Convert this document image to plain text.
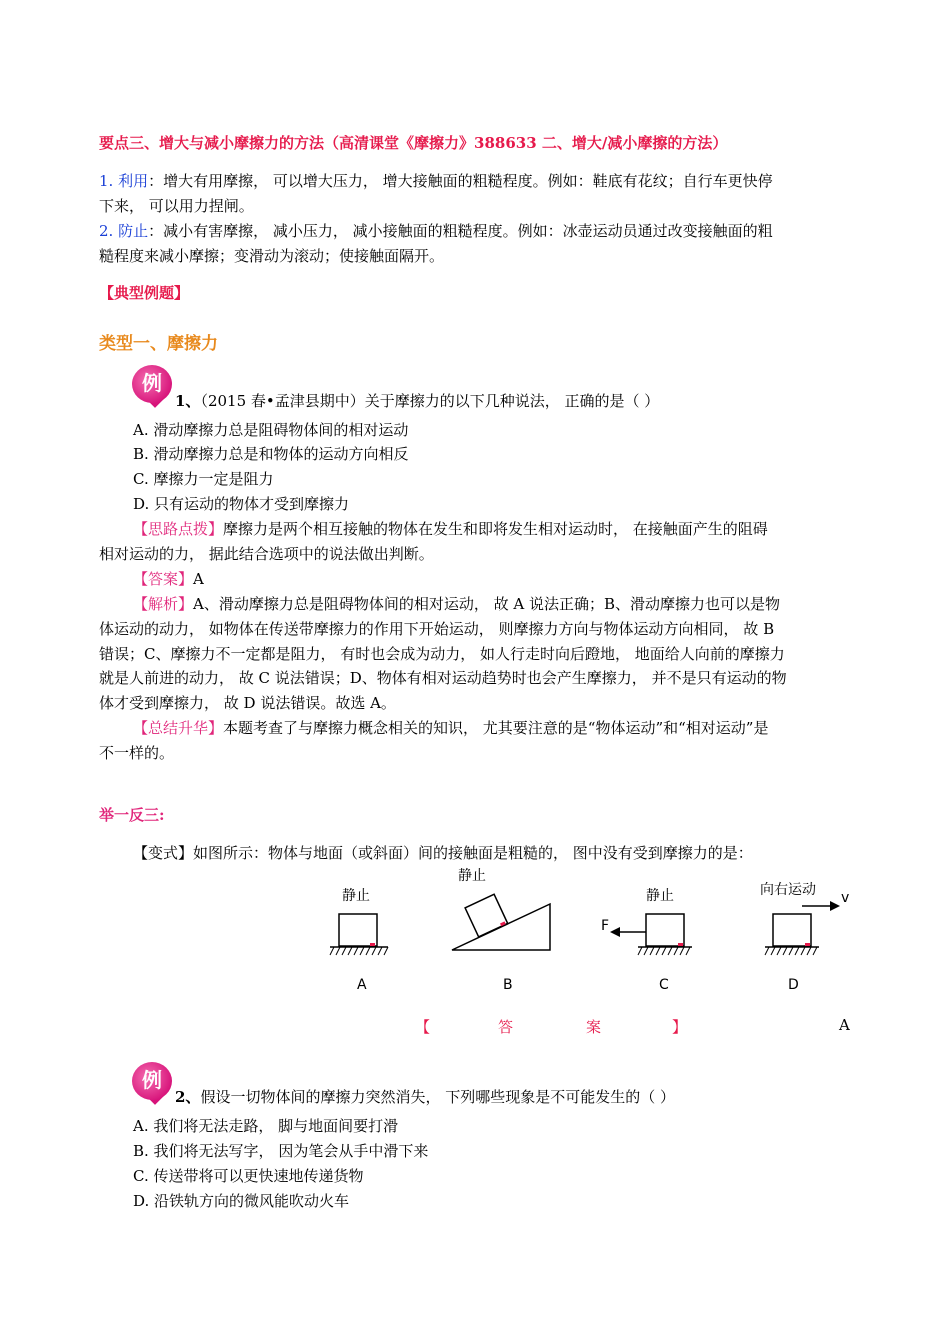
要点三、增大与减小摩擦力的方法（高清课堂《摩擦力》388633 二、增大/减小摩擦的方法）
1. 利用：增大有用摩擦， 可以增大压力， 增大接触面的粗糙程度。例如：鞋底有花纹；自行车更快停
下来， 可以用力捏闸。
2. 防止：减小有害摩擦， 减小压力， 减小接触面的粗糙程度。例如：冰壶运动员通过改变接触面的粗
糙程度来减小摩擦；变滑动为滚动；使接触面隔开。
【典型例题】
类型一、摩擦力
例
1、（2015 春•孟津县期中）关于摩擦力的以下几种说法， 正确的是（ ）
A. 滑动摩擦力总是阻碍物体间的相对运动
B. 滑动摩擦力总是和物体的运动方向相反
C. 摩擦力一定是阻力
D. 只有运动的物体才受到摩擦力
【思路点拨】摩擦力是两个相互接触的物体在发生和即将发生相对运动时， 在接触面产生的阻碍
相对运动的力， 据此结合选项中的说法做出判断。
【答案】A
【解析】A、滑动摩擦力总是阻碍物体间的相对运动， 故 A 说法正确；B、滑动摩擦力也可以是物
体运动的动力， 如物体在传送带摩擦力的作用下开始运动， 则摩擦力方向与物体运动方向相同， 故 B
错误；C、摩擦力不一定都是阻力， 有时也会成为动力， 如人行走时向后蹬地， 地面给人向前的摩擦力
就是人前进的动力， 故 C 说法错误；D、物体有相对运动趋势时也会产生摩擦力， 并不是只有运动的物
体才受到摩擦力， 故 D 说法错误。故选 A。
【总结升华】本题考查了与摩擦力概念相关的知识， 尤其要注意的是“物体运动”和“相对运动”是
不一样的。
举一反三:
【变式】如图所示：物体与地面（或斜面）间的接触面是粗糙的， 图中没有受到摩擦力的是：
静止
A
静止
B
静止
F
C
向右运动 v
D
【	答	案	】	A
例
2、假设一切物体间的摩擦力突然消失， 下列哪些现象是不可能发生的（ ）
A. 我们将无法走路， 脚与地面间要打滑
B. 我们将无法写字， 因为笔会从手中滑下来
C. 传送带将可以更快速地传递货物
D. 沿铁轨方向的微风能吹动火车
